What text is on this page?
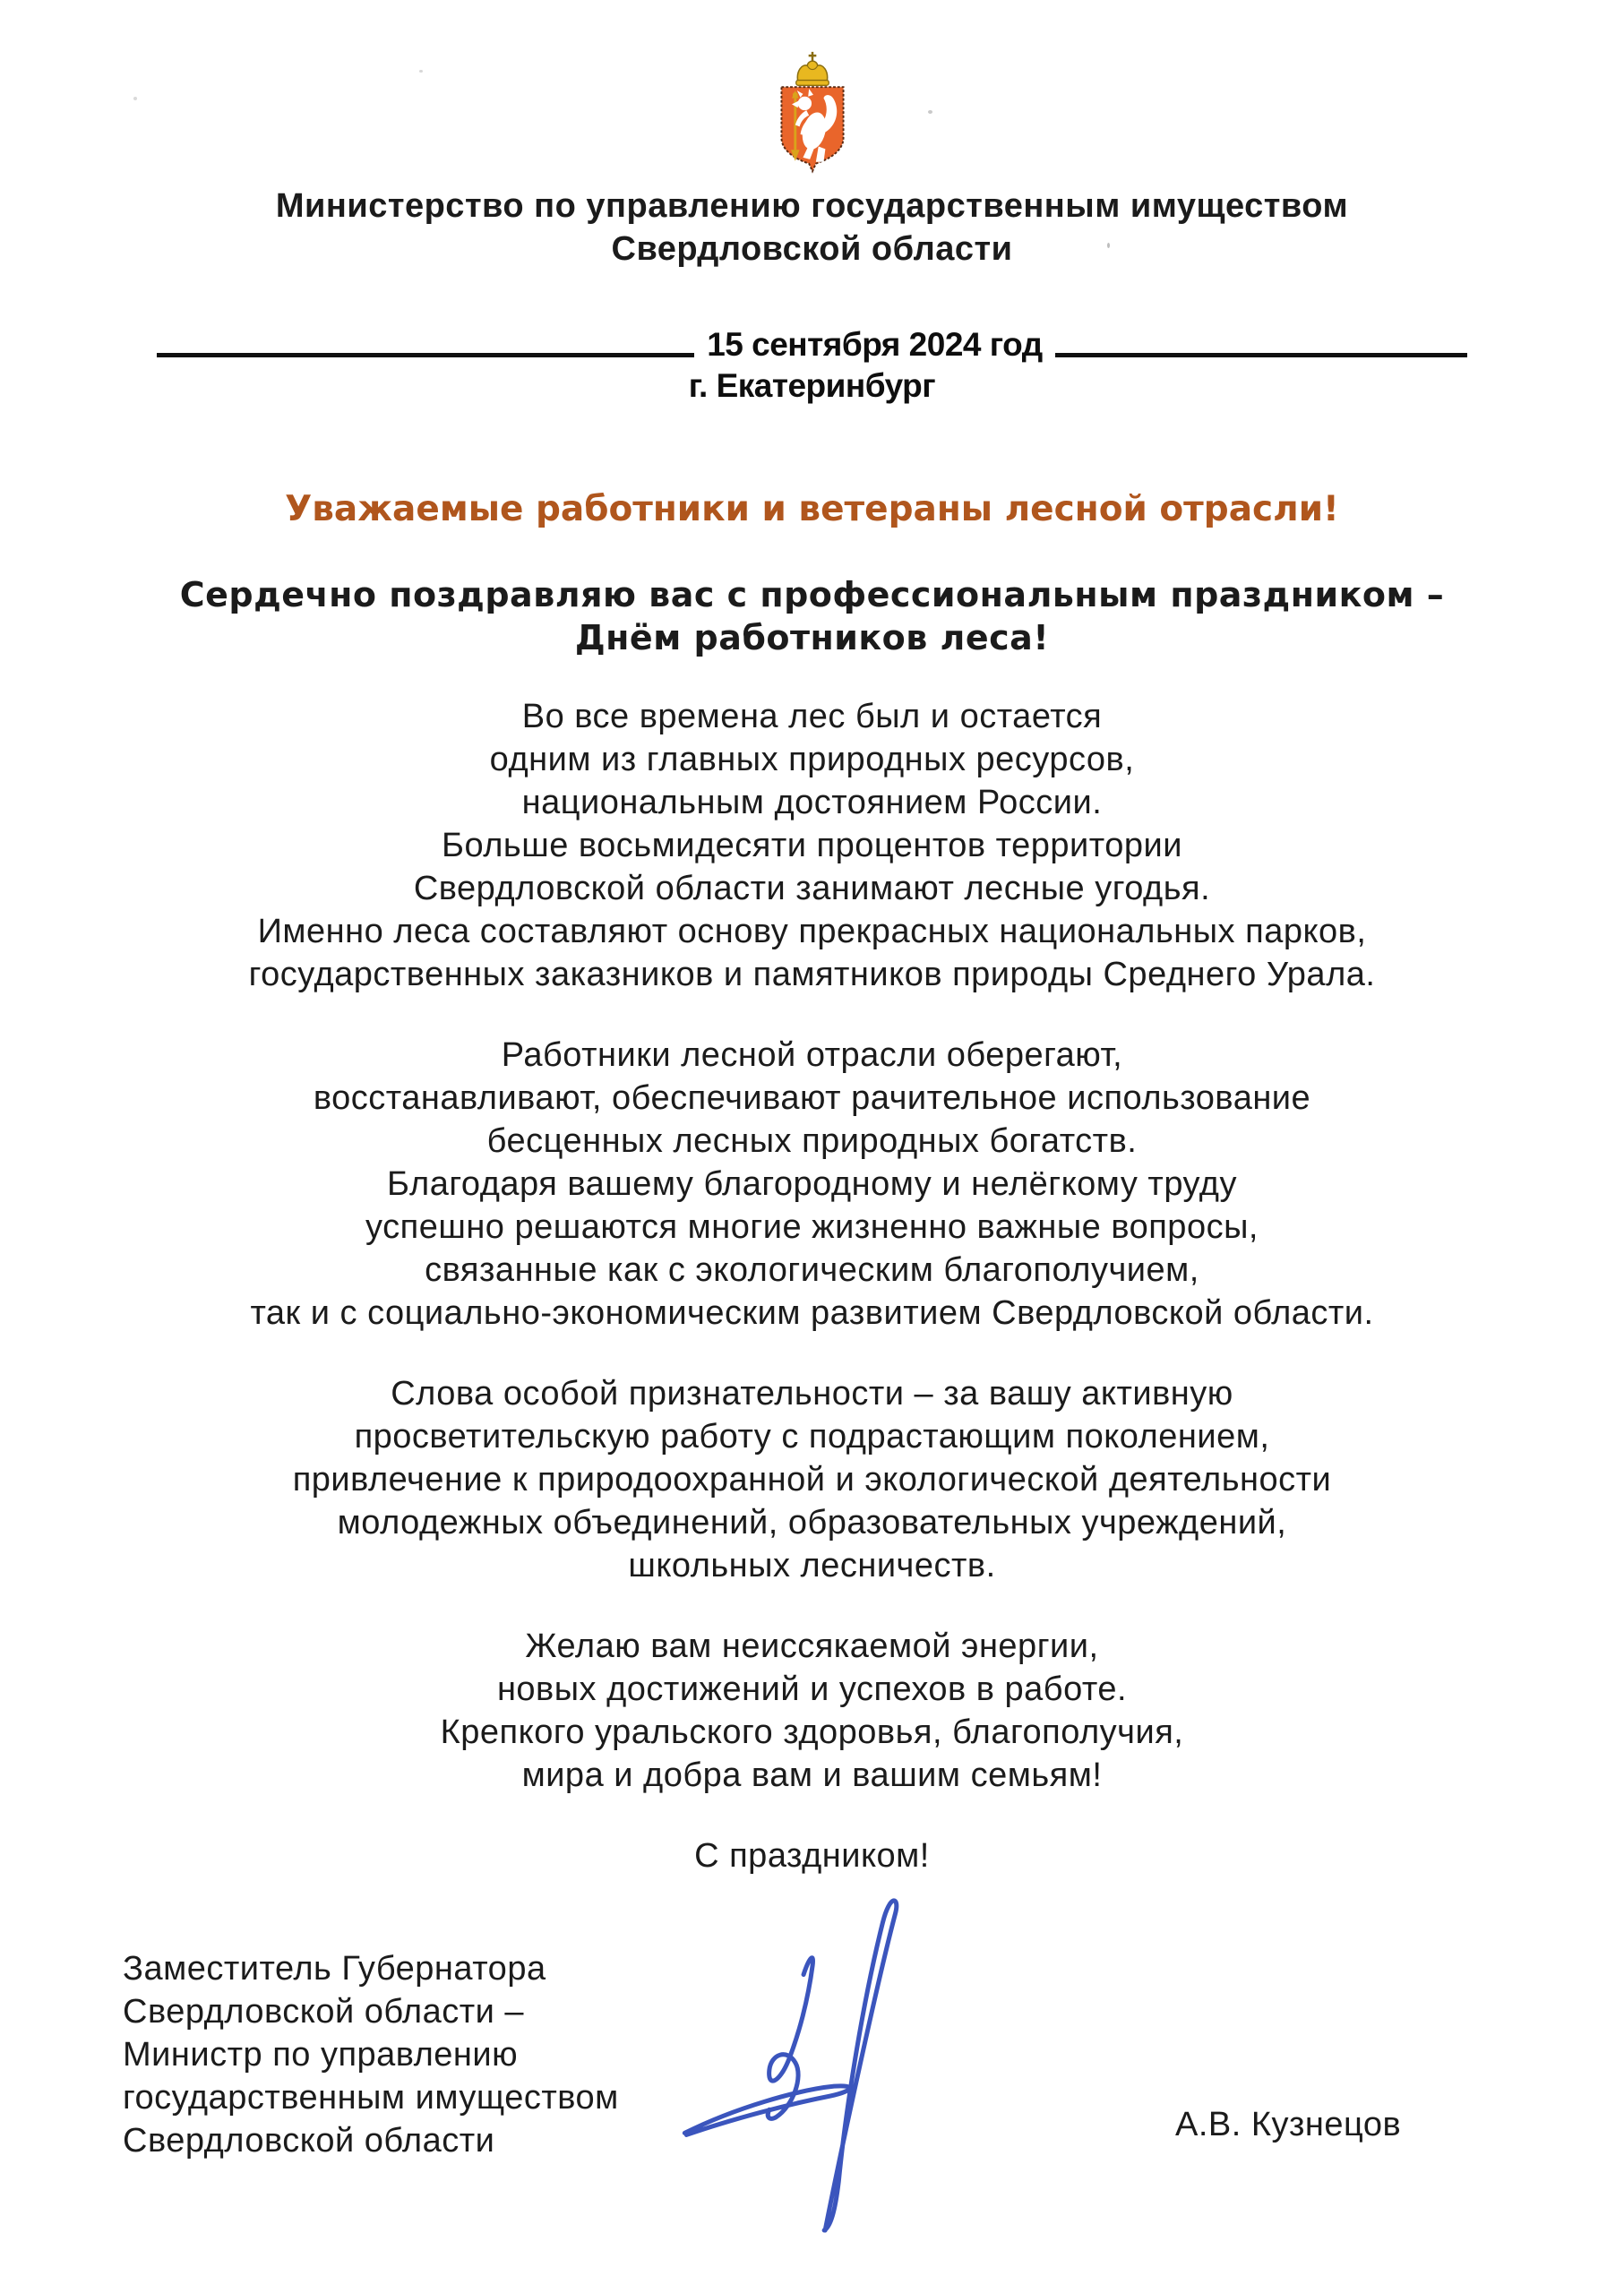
Министерство по управлению государственным имуществом
Свердловской области
15 сентября 2024 год
г. Екатеринбург
Уважаемые работники и ветераны лесной отрасли!
Сердечно поздравляю вас с профессиональным праздником –
Днём работников леса!
Во все времена лес был и остается
одним из главных природных ресурсов,
национальным достоянием России.
Больше восьмидесяти процентов территории
Свердловской области занимают лесные угодья.
Именно леса составляют основу прекрасных национальных парков,
государственных заказников и памятников природы Среднего Урала.
Работники лесной отрасли оберегают,
восстанавливают, обеспечивают рачительное использование
бесценных лесных природных богатств.
Благодаря вашему благородному и нелёгкому труду
успешно решаются многие жизненно важные вопросы,
связанные как с экологическим благополучием,
так и с социально-экономическим развитием Свердловской области.
Слова особой признательности – за вашу активную
просветительскую работу с подрастающим поколением,
привлечение к природоохранной и экологической деятельности
молодежных объединений, образовательных учреждений,
школьных лесничеств.
Желаю вам неиссякаемой энергии,
новых достижений и успехов в работе.
Крепкого уральского здоровья, благополучия,
мира и добра вам и вашим семьям!
С праздником!
Заместитель Губернатора
Свердловской области –
Министр по управлению
государственным имуществом
Свердловской области	А.В. Кузнецов
